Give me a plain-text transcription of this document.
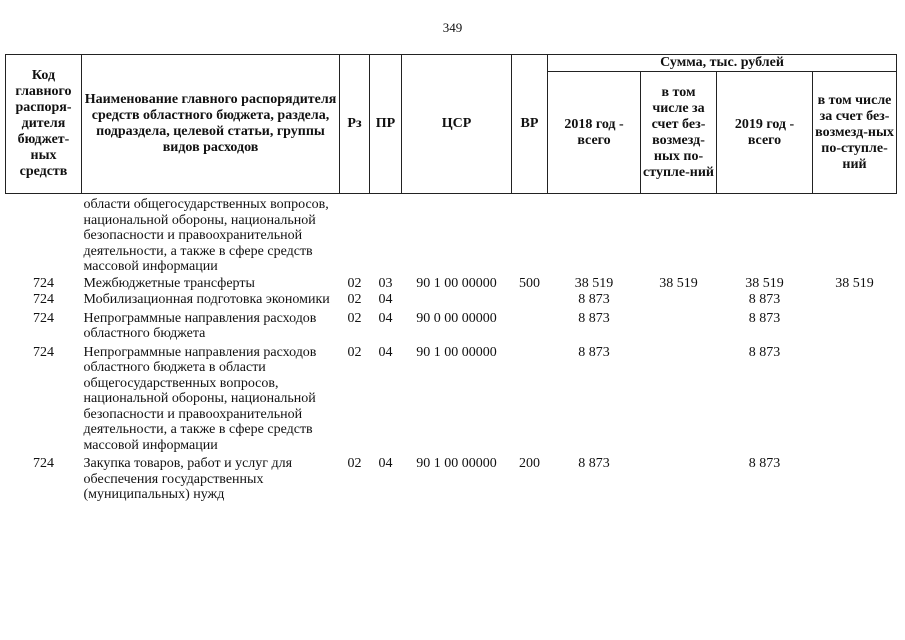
349
Код главного распоря-дителя бюджет-ных средств	Наименование главного распорядителя средств областного бюджета, раздела, подраздела, целевой статьи, группы видов расходов	Рз	ПР	ЦСР	ВР	Сумма, тыс. рублей			
						2018 год - всего	в том числе за счет без-возмезд-ных по-ступле-ний	2019 год - всего	в том числе за счет без-возмезд-ных по-ступле-ний
	области общегосударственных вопросов, национальной обороны, национальной безопасности и правоохранительной деятельности, а также в сфере средств массовой информации								
724	Межбюджетные трансферты	02	03	90 1 00 00000	500	38 519	38 519	38 519	38 519
724	Мобилизационная подготовка экономики	02	04			8 873		8 873	
724	Непрограммные направления расходов областного бюджета	02	04	90 0 00 00000		8 873		8 873	
724	Непрограммные направления расходов областного бюджета в области общегосударственных вопросов, национальной обороны, национальной безопасности и правоохранительной деятельности, а также в сфере средств массовой информации	02	04	90 1 00 00000		8 873		8 873	
724	Закупка товаров, работ и услуг для обеспечения государственных (муниципальных) нужд	02	04	90 1 00 00000	200	8 873		8 873	
